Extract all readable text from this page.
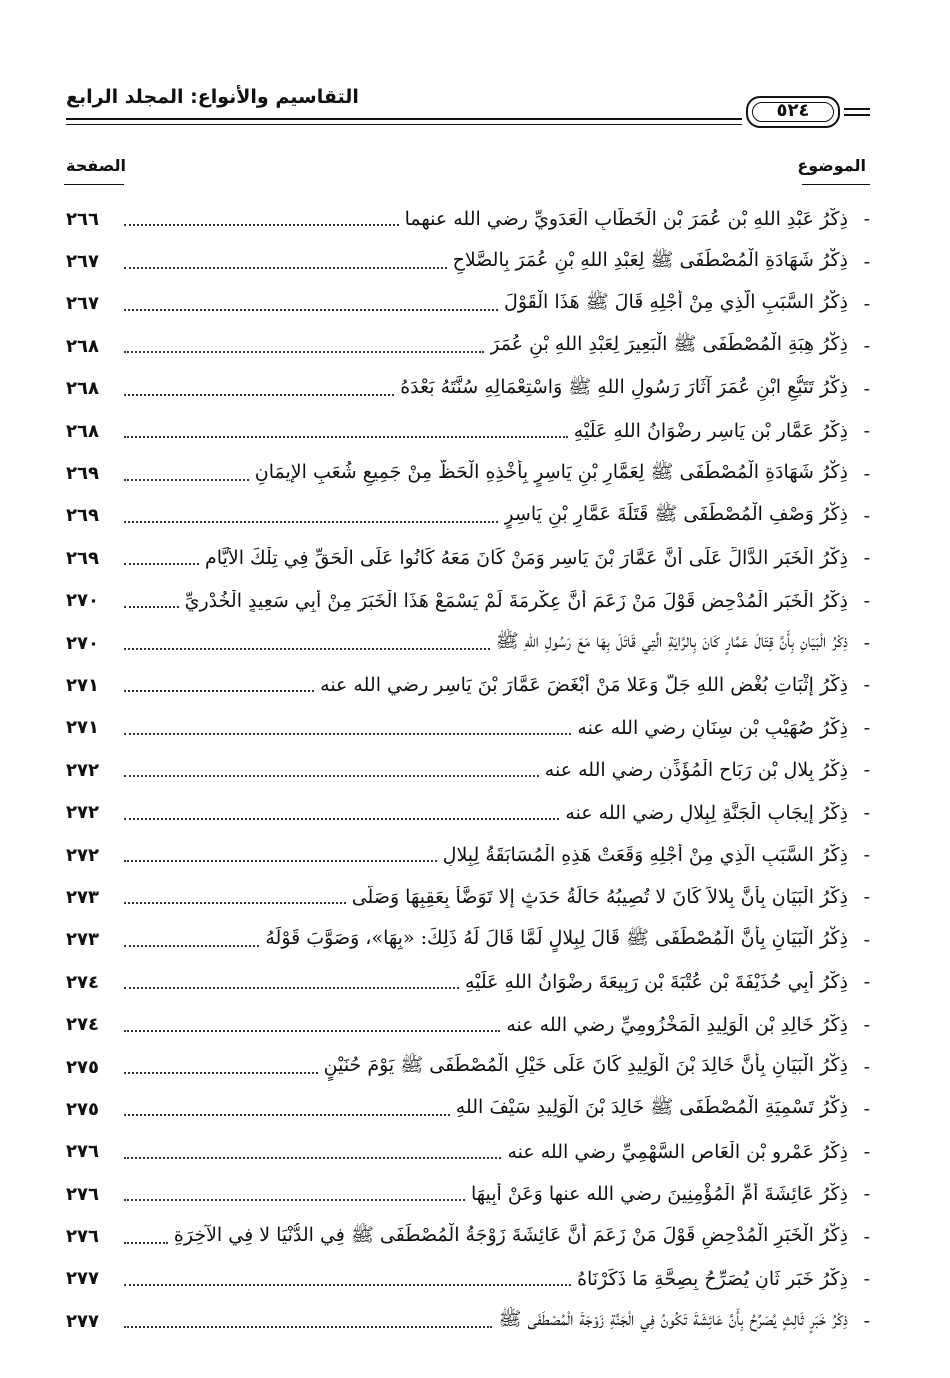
التقاسيم والأنواع: المجلد الرابع
٥٢٤
الموضوع
الصفحة
-
ذِكْرُ عَبْدِ اللهِ بْنِ عُمَرَ بْنِ الْخَطَّابِ الْعَدَوِيِّ رضي الله عنهما
٢٦٦
-
ذِكْرُ شَهَادَةِ الْمُصْطَفَى ﷺ لِعَبْدِ اللهِ بْنِ عُمَرَ بِالصَّلاحِ
٢٦٧
-
ذِكْرُ السَّبَبِ الَّذِي مِنْ أَجْلِهِ قَالَ ﷺ هَذَا الْقَوْلَ
٢٦٧
-
ذِكْرُ هِبَةِ الْمُصْطَفَى ﷺ الْبَعِيرَ لِعَبْدِ اللهِ بْنِ عُمَرَ
٢٦٨
-
ذِكْرُ تَتَبُّعِ ابْنِ عُمَرَ آثَارَ رَسُولِ اللهِ ﷺ وَاسْتِعْمَالِهِ سُنَّتَهُ بَعْدَهُ
٢٦٨
-
ذِكْرُ عَمَّارِ بْنِ يَاسِرٍ رِضْوَانُ اللهِ عَلَيْهِ
٢٦٨
-
ذِكْرُ شَهَادَةِ الْمُصْطَفَى ﷺ لِعَمَّارِ بْنِ يَاسِرٍ بِأَخْذِهِ الْحَظَّ مِنْ جَمِيعِ شُعَبِ الإيمَانِ
٢٦٩
-
ذِكْرُ وَصْفِ الْمُصْطَفَى ﷺ قَتَلَةَ عَمَّارِ بْنِ يَاسِرٍ
٢٦٩
-
ذِكْرُ الْخَبَرِ الدَّالِّ عَلَى أَنَّ عَمَّارَ بْنَ يَاسِرٍ وَمَنْ كَانَ مَعَهُ كَانُوا عَلَى الْحَقِّ فِي تِلْكَ الأَيَّامِ
٢٦٩
-
ذِكْرُ الْخَبَرِ الْمُدْحِضِ قَوْلَ مَنْ زَعَمَ أَنَّ عِكْرِمَةَ لَمْ يَسْمَعْ هَذَا الْخَبَرَ مِنْ أَبِي سَعِيدٍ الْخُدْرِيِّ
٢٧٠
-
ذِكْرُ الْبَيَانِ بِأَنَّ قِتَالَ عَمَّارٍ كَانَ بِالرَّايَةِ الَّتِي قَاتَلَ بِهَا مَعَ رَسُولِ اللهِ ﷺ
٢٧٠
-
ذِكْرُ إِثْبَاتِ بُغْضِ اللهِ جَلَّ وَعَلا مَنْ أَبْغَضَ عَمَّارَ بْنَ يَاسِرٍ رضي الله عنه
٢٧١
-
ذِكْرُ صُهَيْبِ بْنِ سِنَانٍ رضي الله عنه
٢٧١
-
ذِكْرُ بِلالِ بْنِ رَبَاحٍ الْمُؤَذِّنِ رضي الله عنه
٢٧٢
-
ذِكْرُ إِيجَابِ الْجَنَّةِ لِبِلالٍ رضي الله عنه
٢٧٢
-
ذِكْرُ السَّبَبِ الَّذِي مِنْ أَجْلِهِ وَقَعَتْ هَذِهِ الْمُسَابَقَةُ لِبِلالٍ
٢٧٢
-
ذِكْرُ الْبَيَانِ بِأَنَّ بِلالاً كَانَ لا تُصِيبُهُ حَالَةُ حَدَثٍ إِلا تَوَضَّأَ بِعَقِبِهَا وَصَلَّى
٢٧٣
-
ذِكْرُ الْبَيَانِ بِأَنَّ الْمُصْطَفَى ﷺ قَالَ لِبِلالٍ لَمَّا قَالَ لَهُ ذَلِكَ: «بِهَا»، وَصَوَّبَ قَوْلَهُ
٢٧٣
-
ذِكْرُ أَبِي حُذَيْفَةَ بْنِ عُتْبَةَ بْنِ رَبِيعَةَ رِضْوَانُ اللهِ عَلَيْهِ
٢٧٤
-
ذِكْرُ خَالِدِ بْنِ الْوَلِيدِ الْمَخْزُومِيِّ رضي الله عنه
٢٧٤
-
ذِكْرُ الْبَيَانِ بِأَنَّ خَالِدَ بْنَ الْوَلِيدِ كَانَ عَلَى خَيْلِ الْمُصْطَفَى ﷺ يَوْمَ حُنَيْنٍ
٢٧٥
-
ذِكْرُ تَسْمِيَةِ الْمُصْطَفَى ﷺ خَالِدَ بْنَ الْوَلِيدِ سَيْفَ اللهِ
٢٧٥
-
ذِكْرُ عَمْرِو بْنِ الْعَاصِ السَّهْمِيِّ رضي الله عنه
٢٧٦
-
ذِكْرُ عَائِشَةَ أُمِّ الْمُؤْمِنِينَ رضي الله عنها وَعَنْ أَبِيهَا
٢٧٦
-
ذِكْرُ الْخَبَرِ الْمُدْحِضِ قَوْلَ مَنْ زَعَمَ أَنَّ عَائِشَةَ زَوْجَةُ الْمُصْطَفَى ﷺ فِي الدُّنْيَا لا فِي الآخِرَةِ
٢٧٦
-
ذِكْرُ خَبَرٍ ثَانٍ يُصَرِّحُ بِصِحَّةِ مَا ذَكَرْنَاهُ
٢٧٧
-
ذِكْرُ خَبَرٍ ثَالِثٍ يُصَرِّحُ بِأَنَّ عَائِشَةَ تَكُونُ فِي الْجَنَّةِ زَوْجَةَ الْمُصْطَفَى ﷺ
٢٧٧
